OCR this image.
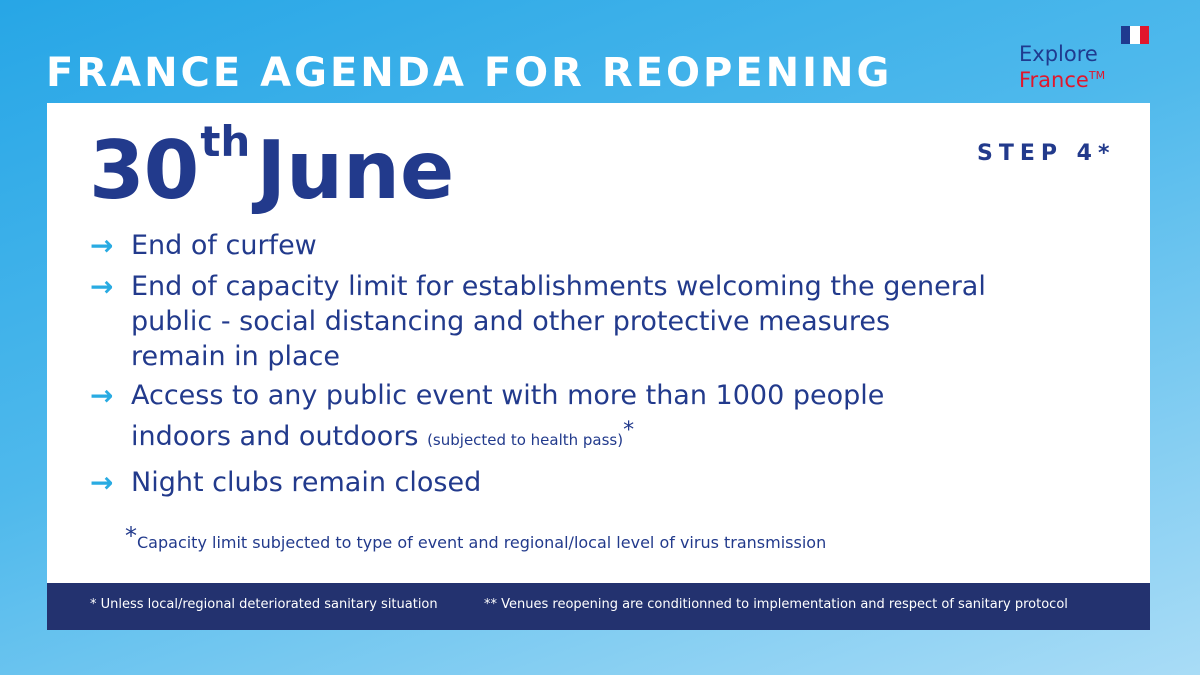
FRANCE AGENDA FOR REOPENING	Explore
France™
30thJune	STEP 4*
→ End of curfew
→ End of capacity limit for establishments welcoming the general public - social distancing and other protective measures remain in place
→ Access to any public event with more than 1000 people indoors and outdoors (subjected to health pass)*
→ Night clubs remain closed
*Capacity limit subjected to type of event and regional/local level of virus transmission
* Unless local/regional deteriorated sanitary situation	** Venues reopening are conditionned to implementation and respect of sanitary protocol
